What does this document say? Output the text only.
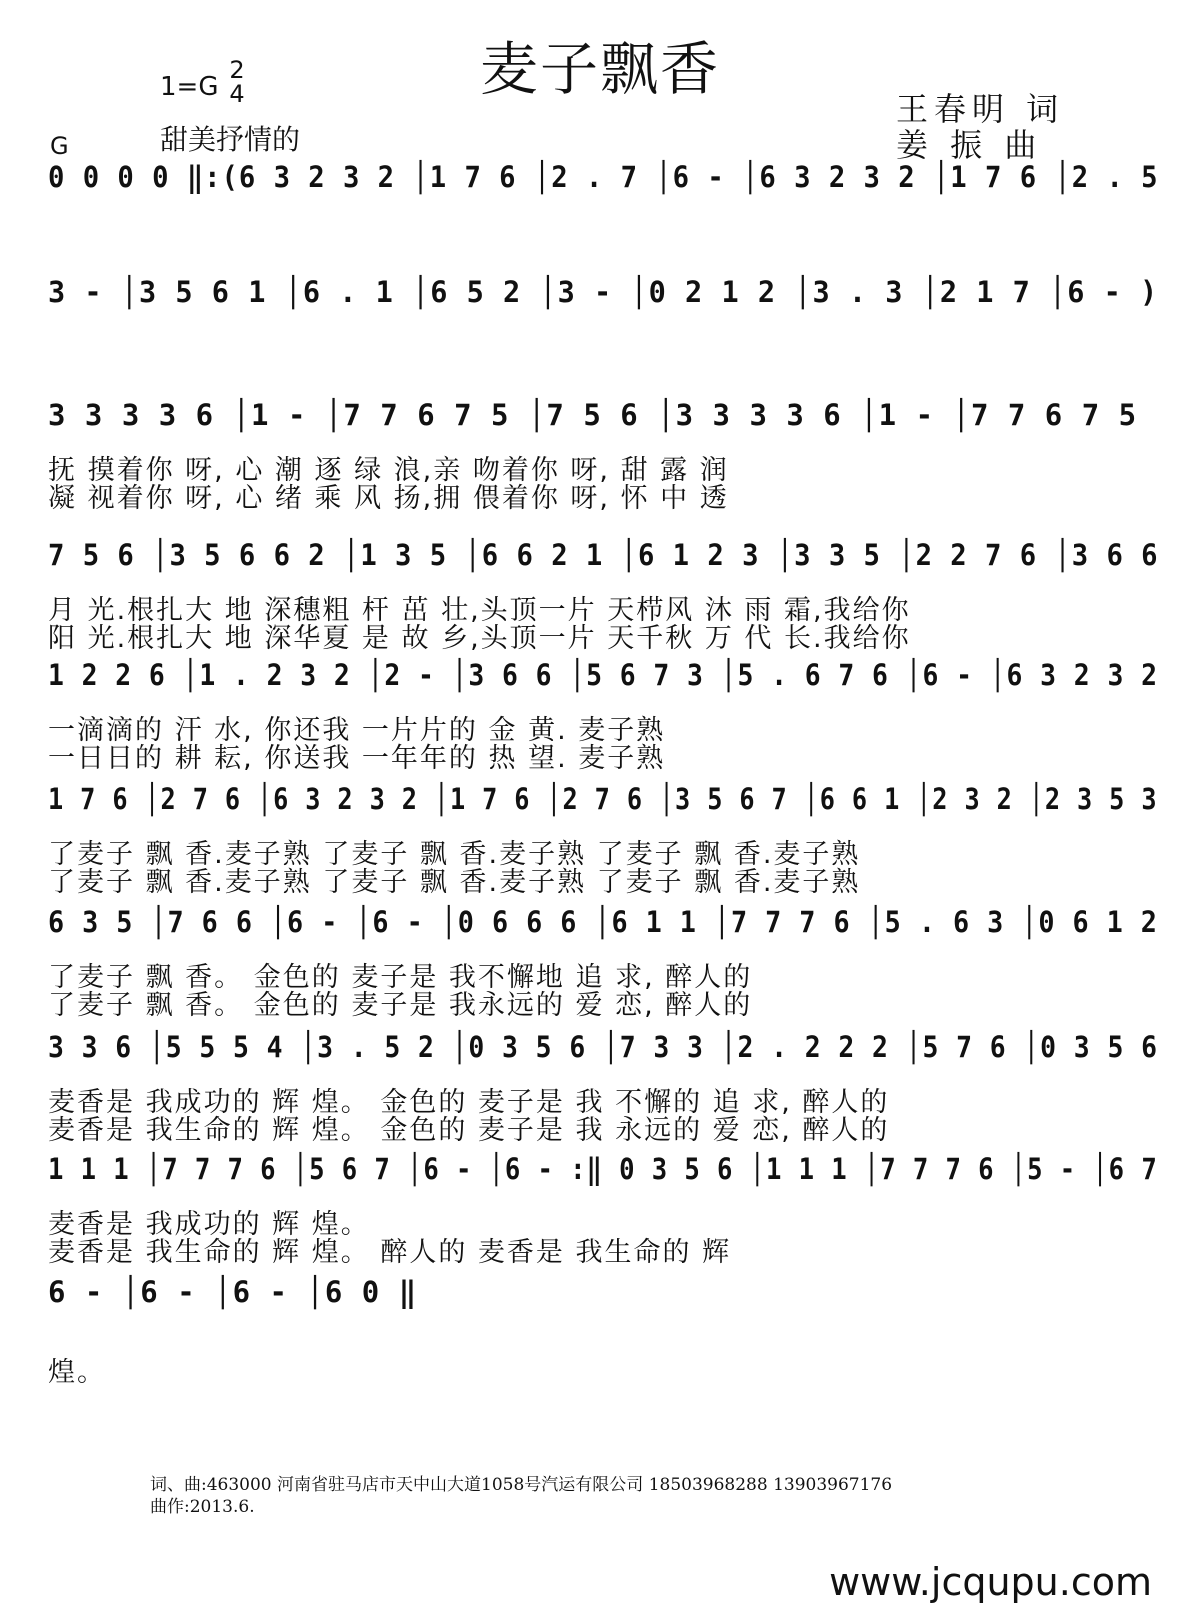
麦子飘香
1=G
2
4
甜美抒情的
G
王春明 词
姜 振 曲
0 0 0 0 ‖:(6 3 2 3 2 │1 7 6 │2 . 7 │6 - │6 3 2 3 2 │1 7 6 │2 . 5
3 - │3 5 6 1 │6 . 1 │6 5 2 │3 - │0 2 1 2 │3 . 3 │2 1 7 │6 - )
3 3 3 3 6 │1 - │7 7 6 7 5 │7 5 6 │3 3 3 3 6 │1 - │7 7 6 7 5
抚 摸着你 呀, 心 潮 逐 绿 浪,亲 吻着你 呀, 甜 露 润
凝 视着你 呀, 心 绪 乘 风 扬,拥 偎着你 呀, 怀 中 透
7 5 6 │3 5 6 6 2 │1 3 5 │6 6 2 1 │6 1 2 3 │3 3 5 │2 2 7 6 │3 6 6
月 光.根扎大 地 深穗粗 杆 茁 壮,头顶一片 天栉风 沐 雨 霜,我给你
阳 光.根扎大 地 深华夏 是 故 乡,头顶一片 天千秋 万 代 长.我给你
1 2 2 6 │1 . 2 3 2 │2 - │3 6 6 │5 6 7 3 │5 . 6 7 6 │6 - │6 3 2 3 2
一滴滴的 汗 水, 你还我 一片片的 金 黄. 麦子熟
一日日的 耕 耘, 你送我 一年年的 热 望. 麦子熟
1 7 6 │2 7 6 │6 3 2 3 2 │1 7 6 │2 7 6 │3 5 6 7 │6 6 1 │2 3 2 │2 3 5 3
了麦子 飘 香.麦子熟 了麦子 飘 香.麦子熟 了麦子 飘 香.麦子熟
了麦子 飘 香.麦子熟 了麦子 飘 香.麦子熟 了麦子 飘 香.麦子熟
6 3 5 │7 6 6 │6 - │6 - │0 6 6 6 │6 1 1 │7 7 7 6 │5 . 6 3 │0 6 1 2
了麦子 飘 香。 金色的 麦子是 我不懈地 追 求, 醉人的
了麦子 飘 香。 金色的 麦子是 我永远的 爱 恋, 醉人的
3 3 6 │5 5 5 4 │3 . 5 2 │0 3 5 6 │7 3 3 │2 . 2 2 2 │5 7 6 │0 3 5 6
麦香是 我成功的 辉 煌。 金色的 麦子是 我 不懈的 追 求, 醉人的
麦香是 我生命的 辉 煌。 金色的 麦子是 我 永远的 爱 恋, 醉人的
1 1 1 │7 7 7 6 │5 6 7 │6 - │6 - :‖ 0 3 5 6 │1 1 1 │7 7 7 6 │5 - │6 7
麦香是 我成功的 辉 煌。
麦香是 我生命的 辉 煌。 醉人的 麦香是 我生命的 辉
6 - │6 - │6 - │6 0 ‖
煌。
词、曲:463000 河南省驻马店市天中山大道1058号汽运有限公司 18503968288 13903967176
曲作:2013.6.
www.jcqupu.com
